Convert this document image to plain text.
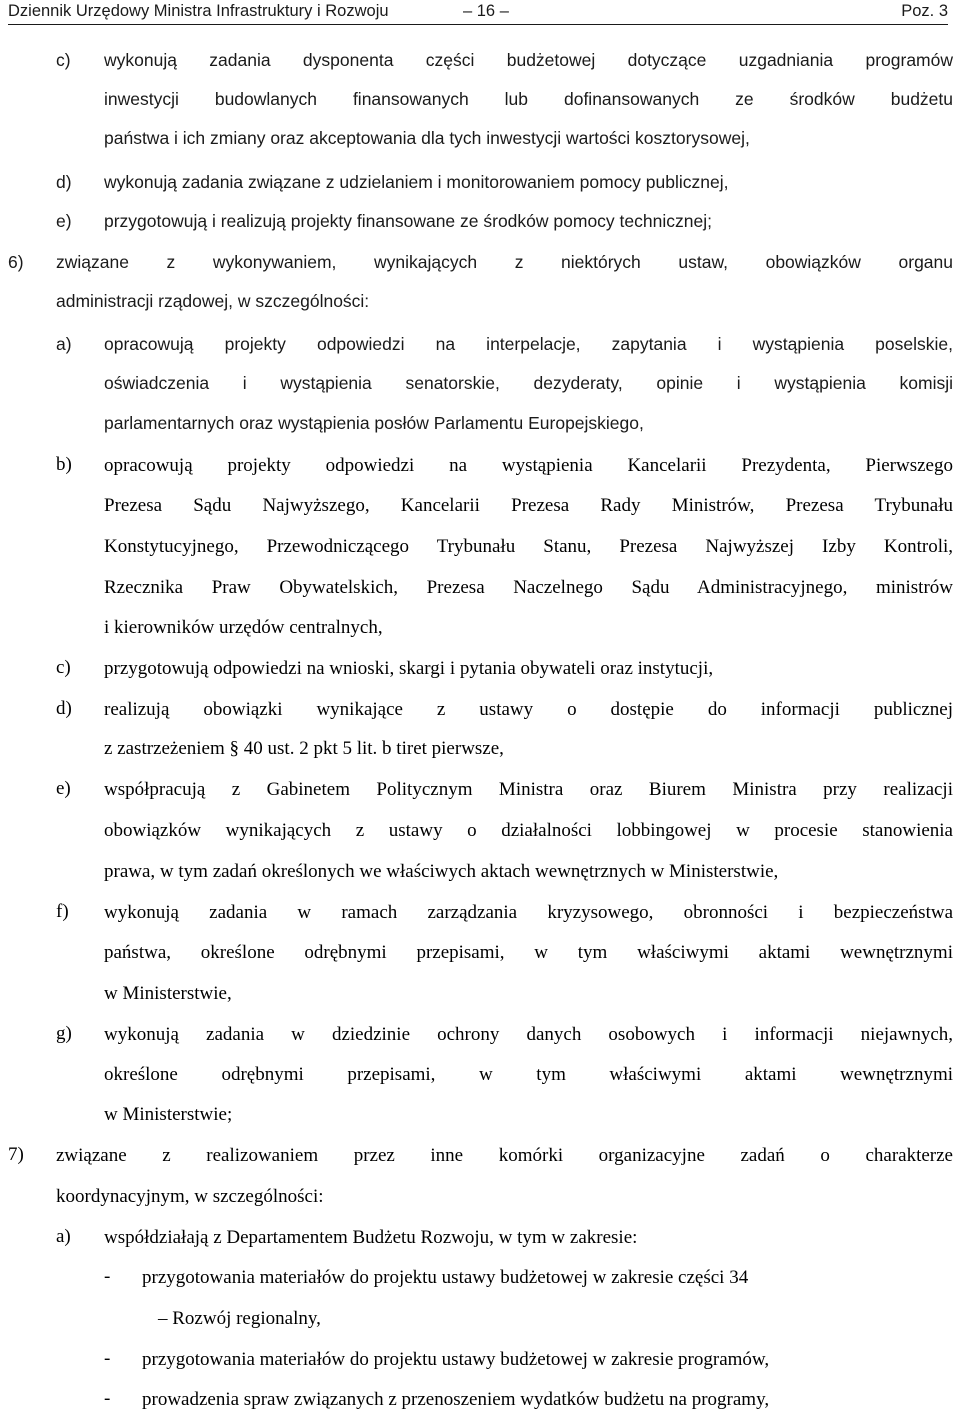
Dziennik Urzędowy Ministra Infrastruktury i Rozwoju	– 16 –	Poz. 3
c) wykonują zadania dysponenta części budżetowej dotyczące uzgadniania programów
inwestycji budowlanych finansowanych lub dofinansowanych ze środków budżetu
państwa i ich zmiany oraz akceptowania dla tych inwestycji wartości kosztorysowej,
d) wykonują zadania związane z udzielaniem i monitorowaniem pomocy publicznej,
e) przygotowują i realizują projekty finansowane ze środków pomocy technicznej;
6) związane z wykonywaniem, wynikających z niektórych ustaw, obowiązków organu
administracji rządowej, w szczególności:
a) opracowują projekty odpowiedzi na interpelacje, zapytania i wystąpienia poselskie,
oświadczenia i wystąpienia senatorskie, dezyderaty, opinie i wystąpienia komisji
parlamentarnych oraz wystąpienia posłów Parlamentu Europejskiego,
b) opracowują projekty odpowiedzi na wystąpienia Kancelarii Prezydenta, Pierwszego
Prezesa Sądu Najwyższego, Kancelarii Prezesa Rady Ministrów, Prezesa Trybunału
Konstytucyjnego, Przewodniczącego Trybunału Stanu, Prezesa Najwyższej Izby Kontroli,
Rzecznika Praw Obywatelskich, Prezesa Naczelnego Sądu Administracyjnego, ministrów
i kierowników urzędów centralnych,
c) przygotowują odpowiedzi na wnioski, skargi i pytania obywateli oraz instytucji,
d) realizują obowiązki wynikające z ustawy o dostępie do informacji publicznej
z zastrzeżeniem § 40 ust. 2 pkt 5 lit. b tiret pierwsze,
e) współpracują z Gabinetem Politycznym Ministra oraz Biurem Ministra przy realizacji
obowiązków wynikających z ustawy o działalności lobbingowej w procesie stanowienia
prawa, w tym zadań określonych we właściwych aktach wewnętrznych w Ministerstwie,
f) wykonują zadania w ramach zarządzania kryzysowego, obronności i bezpieczeństwa
państwa, określone odrębnymi przepisami, w tym właściwymi aktami wewnętrznymi
w Ministerstwie,
g) wykonują zadania w dziedzinie ochrony danych osobowych i informacji niejawnych,
określone odrębnymi przepisami, w tym właściwymi aktami wewnętrznymi
w Ministerstwie;
7) związane z realizowaniem przez inne komórki organizacyjne zadań o charakterze
koordynacyjnym, w szczególności:
a) współdziałają z Departamentem Budżetu Rozwoju, w tym w zakresie:
- przygotowania materiałów do projektu ustawy budżetowej w zakresie części 34
– Rozwój regionalny,
- przygotowania materiałów do projektu ustawy budżetowej w zakresie programów,
- prowadzenia spraw związanych z przenoszeniem wydatków budżetu na programy,
